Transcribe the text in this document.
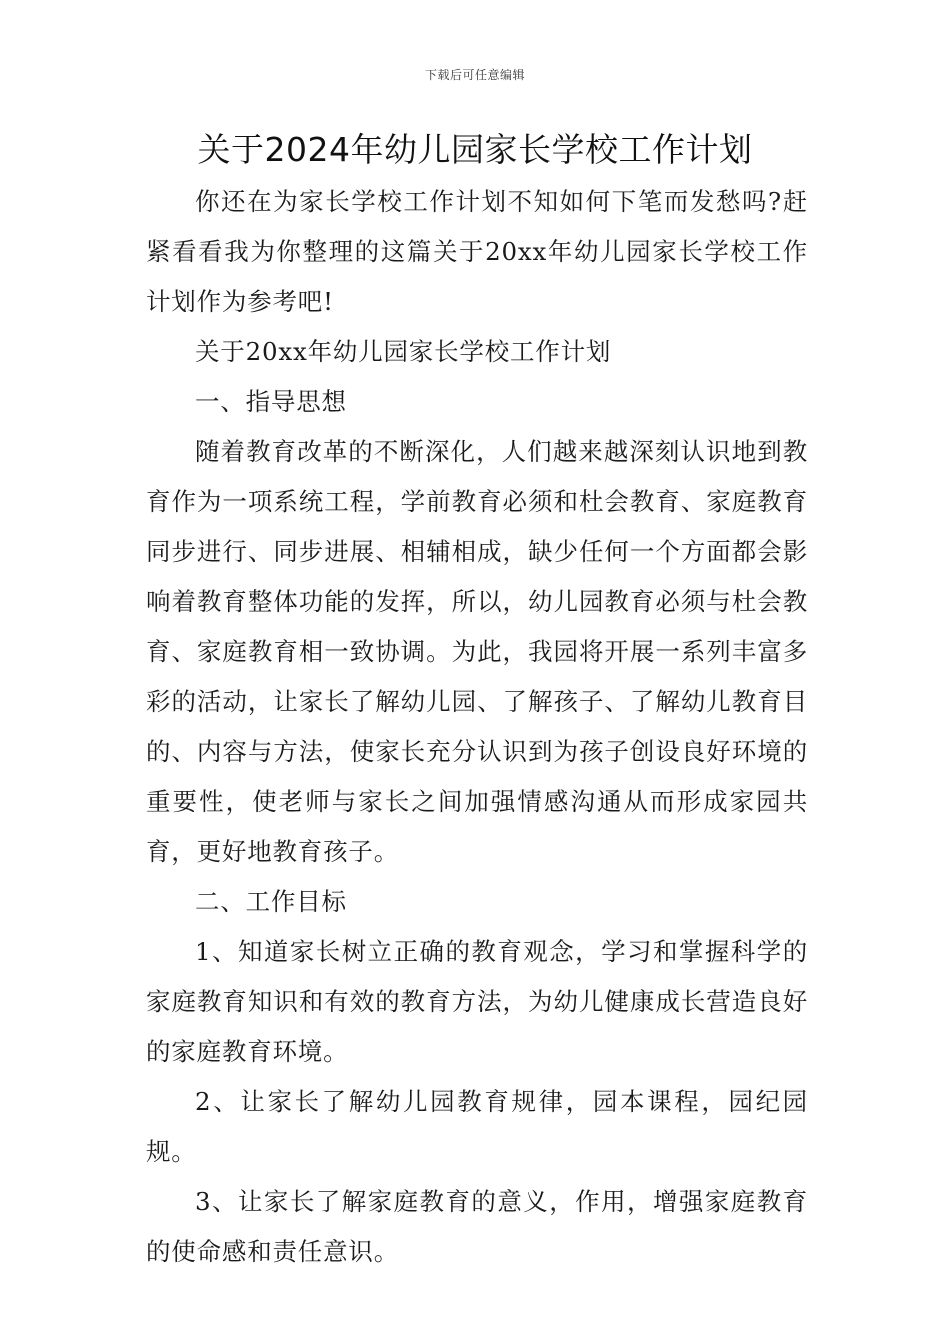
下载后可任意编辑
关于2024年幼儿园家长学校工作计划

你还在为家长学校工作计划不知如何下笔而发愁吗?赶紧看看我为你整理的这篇关于20xx年幼儿园家长学校工作计划作为参考吧!

关于20xx年幼儿园家长学校工作计划

一、指导思想

随着教育改革的不断深化，人们越来越深刻认识地到教育作为一项系统工程，学前教育必须和杜会教育、家庭教育同步进行、同步进展、相辅相成，缺少任何一个方面都会影响着教育整体功能的发挥，所以，幼儿园教育必须与杜会教育、家庭教育相一致协调。为此，我园将开展一系列丰富多彩的活动，让家长了解幼儿园、了解孩子、了解幼儿教育目的、内容与方法，使家长充分认识到为孩子创设良好环境的重要性，使老师与家长之间加强情感沟通从而形成家园共育，更好地教育孩子。

二、工作目标

1、知道家长树立正确的教育观念，学习和掌握科学的家庭教育知识和有效的教育方法，为幼儿健康成长营造良好的家庭教育环境。

2、让家长了解幼儿园教育规律，园本课程，园纪园规。

3、让家长了解家庭教育的意义，作用，增强家庭教育的使命感和责任意识。
